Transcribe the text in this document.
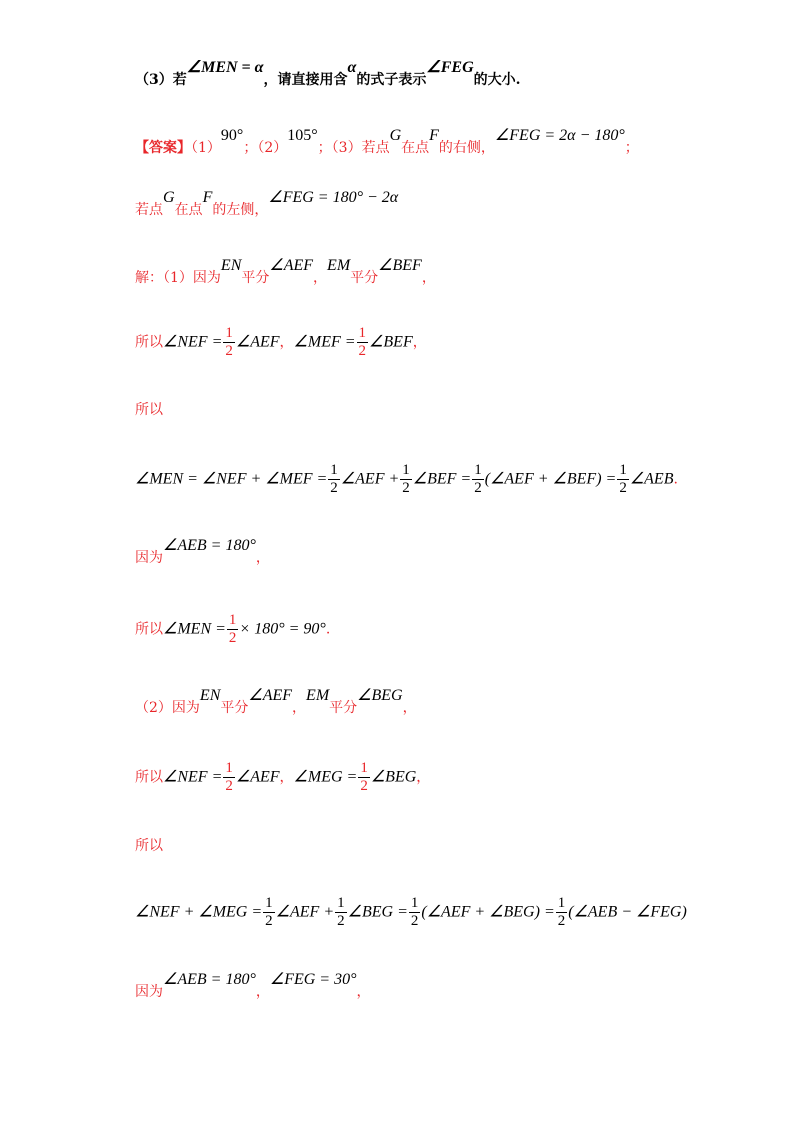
（3）若∠MEN = α，请直接用含α的式子表示∠FEG的大小.
【答案】（1）90°；（2）105°；（3）若点G在点F的右侧，∠FEG = 2α − 180°；
若点G在点F的左侧，∠FEG = 180° − 2α
解：（1）因为EN平分∠AEF，EM平分∠BEF，
所以∠NEF = $\frac{1}{2}$ ∠AEF，∠MEF = $\frac{1}{2}$ ∠BEF，
所以
∠MEN = ∠NEF + ∠MEF = $\frac{1}{2}$ ∠AEF + $\frac{1}{2}$ ∠BEF = $\frac{1}{2}$ (∠AEF + ∠BEF) = $\frac{1}{2}$ ∠AEB.
因为∠AEB = 180°，
所以∠MEN = $\frac{1}{2} \times 180^\circ = 90^\circ$.
（2）因为EN平分∠AEF，EM平分∠BEG，
所以∠NEF = $\frac{1}{2}$ ∠AEF，∠MEG = $\frac{1}{2}$ ∠BEG，
所以
∠NEF + ∠MEG = $\frac{1}{2}$ ∠AEF + $\frac{1}{2}$ ∠BEG = $\frac{1}{2}$ (∠AEF + ∠BEG) = $\frac{1}{2}$ (∠AEB − ∠FEG)
因为∠AEB = 180°，∠FEG = 30°，
